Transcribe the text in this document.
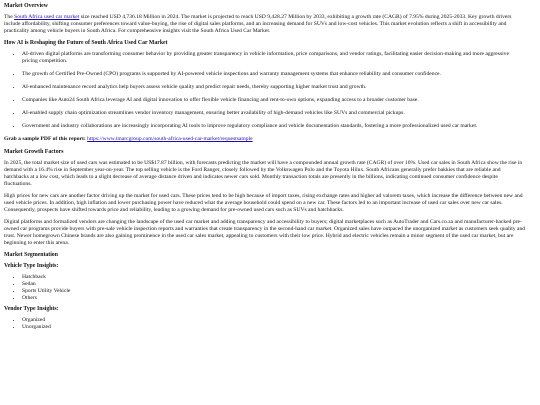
Market Overview

The South Africa used car market size reached USD 4,736.18 Million in 2024. The market is projected to reach USD 9,428.27 Million by 2033, exhibiting a growth rate (CAGR) of 7.95% during 2025-2033. Key growth drivers include affordability, shifting consumer preferences toward value-buying, the rise of digital sales platforms, and an increasing demand for SUVs and low-cost vehicles. This market evolution reflects a shift in accessibility and practicality among vehicle buyers in South Africa. For comprehensive insights visit the South Africa Used Car Market.

How AI is Reshaping the Future of South Africa Used Car Market
• AI-driven digital platforms are transforming consumer behavior by providing greater transparency in vehicle information, price comparisons, and vendor ratings, facilitating easier decision-making and more aggressive pricing competition.
• The growth of Certified Pre-Owned (CPO) programs is supported by AI-powered vehicle inspections and warranty management systems that enhance reliability and consumer confidence.
• AI-enhanced maintenance record analytics help buyers assess vehicle quality and predict repair needs, thereby supporting higher market trust and growth.
• Companies like Auto24 South Africa leverage AI and digital innovation to offer flexible vehicle financing and rent-to-own options, expanding access to a broader customer base.
• AI-enabled supply chain optimization streamlines vendor inventory management, ensuring better availability of high-demand vehicles like SUVs and commercial pickups.
• Government and industry collaborations are increasingly incorporating AI tools to improve regulatory compliance and vehicle documentation standards, fostering a more professionalized used car market.

Grab a sample PDF of this report: https://www.imarcgroup.com/south-africa-used-car-market/requestsample

Market Growth Factors

In 2025, the total market size of used cars was estimated to be US$17.87 billion, with forecasts predicting the market will have a compounded annual growth rate (CAGR) of over 10%. Used car sales in South Africa show the rise in demand with a 16.4% rise in September year-on-year. The top selling vehicle is the Ford Ranger, closely followed by the Volkswagen Polo and the Toyota Hilux. South Africans generally prefer bakkies that are reliable and hatchbacks at a low cost, which leads to a slight decrease of average distance driven and indicates newer cars sold. Monthly transaction totals are presently in the billions, indicating continued consumer confidence despite fluctuations.

High prices for new cars are another factor driving up the market for used cars. These prices tend to be high because of import taxes, rising exchange rates and higher ad valorem taxes, which increase the difference between new and used vehicle prices. In addition, high inflation and lower purchasing power have reduced what the average household could spend on a new car. These factors led to an important increase of used car sales over new car sales. Consequently, prospects have shifted towards price and reliability, leading to a growing demand for pre-owned used cars such as SUVs and hatchbacks.

Digital platforms and formalized vendors are changing the landscape of the used car market and adding transparency and accessibility to buyers; digital marketplaces such as AutoTrader and Cars.co.za and manufacturer-backed pre-owned car programs provide buyers with pre-sale vehicle inspection reports and warranties that create transparency in the second-hand car market. Organized sales have outpaced the unorganized market as customers seek quality and trust. Newer homegrown Chinese brands are also gaining prominence in the used car sales market, appealing to customers with their low price. Hybrid and electric vehicles remain a minor segment of the used car market, but are beginning to enter this arena.

Market Segmentation
Vehicle Type Insights:
• Hatchback
• Sedan
• Sports Utility Vehicle
• Others
Vendor Type Insights:
• Organized
• Unorganized
